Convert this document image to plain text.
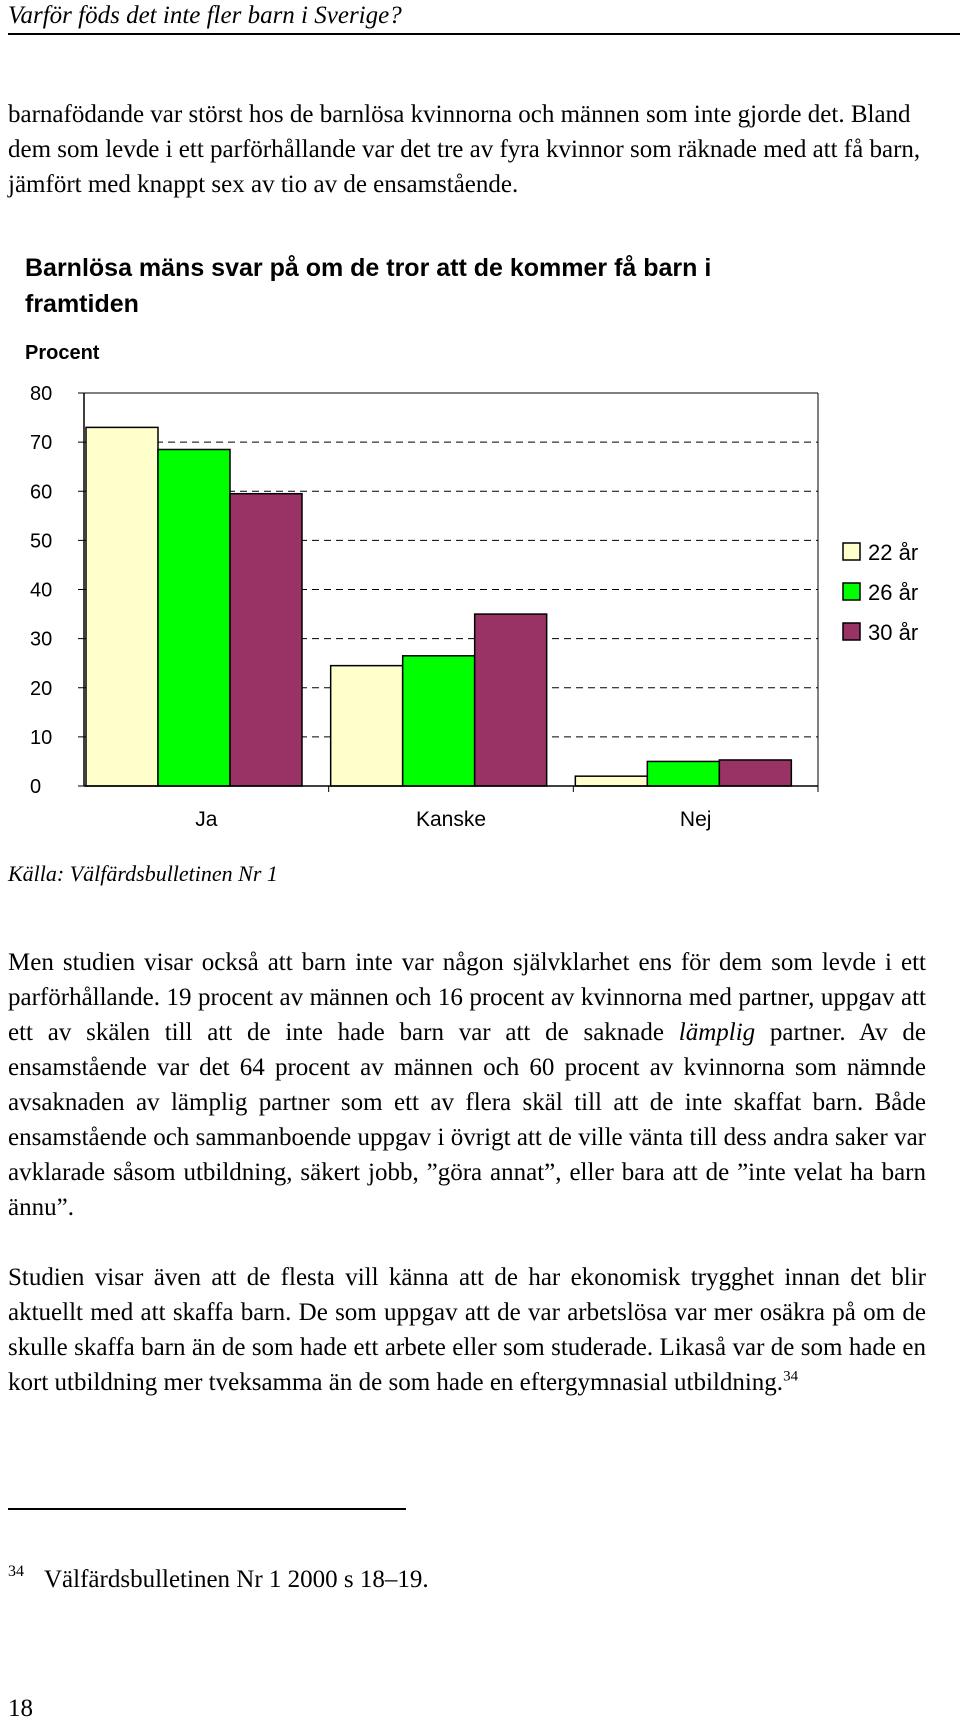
Varför föds det inte fler barn i Sverige?

barnafödande var störst hos de barnlösa kvinnorna och männen som inte gjorde det. Bland dem som levde i ett parförhållande var det tre av fyra kvinnor som räknade med att få barn, jämfört med knappt sex av tio av de ensamstående.

Barnlösa mäns svar på om de tror att de kommer få barn i framtiden
Procent
0
10
20
30
40
50
60
70
80
Ja	Kanske	Nej
22 år
26 år
30 år
Källa: Välfärdsbulletinen Nr 1

Men studien visar också att barn inte var någon självklarhet ens för dem som levde i ett parförhållande. 19 procent av männen och 16 procent av kvinnorna med partner, uppgav att ett av skälen till att de inte hade barn var att de saknade lämplig partner. Av de ensamstående var det 64 procent av männen och 60 procent av kvinnorna som nämnde avsaknaden av lämplig partner som ett av flera skäl till att de inte skaffat barn. Både ensamstående och sammanboende uppgav i övrigt att de ville vänta till dess andra saker var avklarade såsom utbildning, säkert jobb, ”göra annat”, eller bara att de ”inte velat ha barn ännu”.

Studien visar även att de flesta vill känna att de har ekonomisk trygghet innan det blir aktuellt med att skaffa barn. De som uppgav att de var arbetslösa var mer osäkra på om de skulle skaffa barn än de som hade ett arbete eller som studerade. Likaså var de som hade en kort utbildning mer tveksamma än de som hade en eftergymnasial utbildning.$^{34}$

$^{34}$ Välfärdsbulletinen Nr 1 2000 s 18–19.
18
